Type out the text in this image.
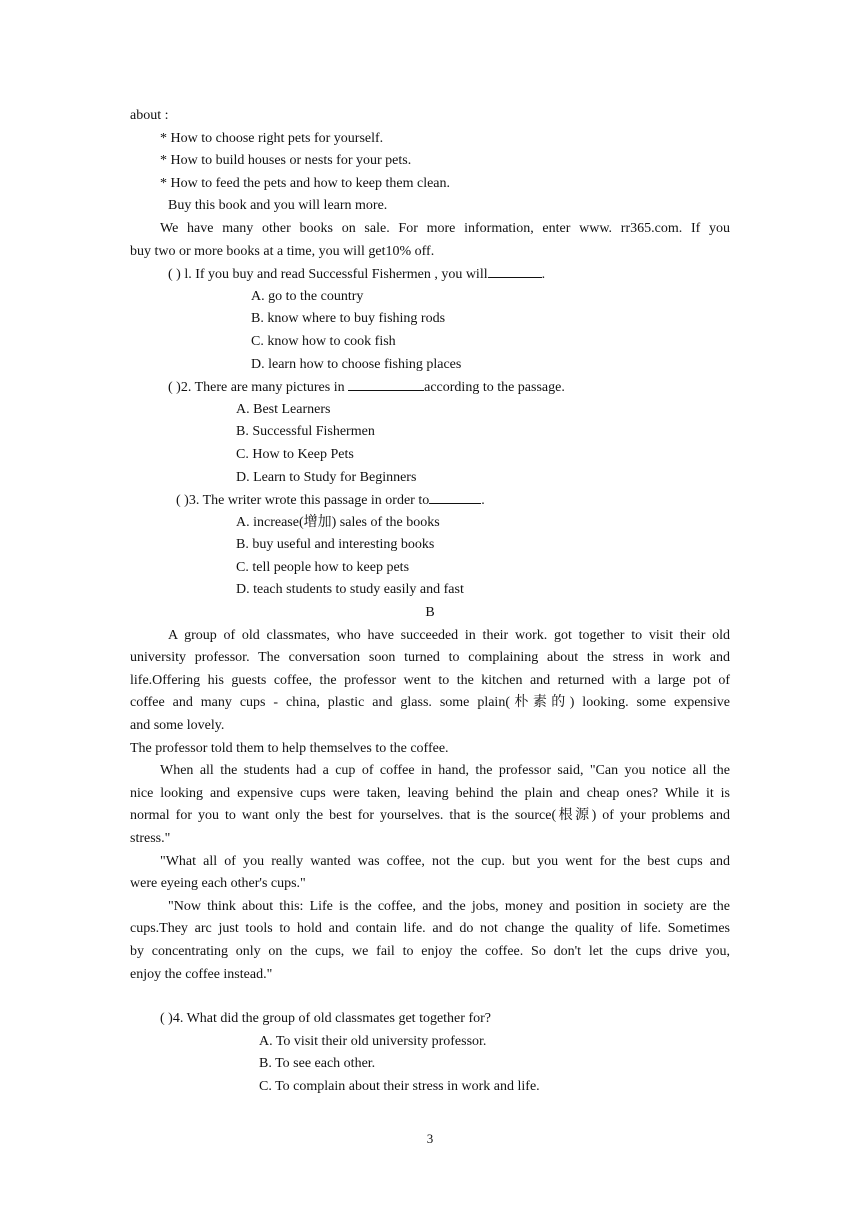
about :
* How to choose right pets for yourself.
* How to build houses or nests for your pets.
* How to feed the pets and how to keep them clean.
Buy this book and you will learn more.
We have many other books on sale. For more information, enter www. rr365.com. If you
buy two or more books at a time, you will get10% off.
( ) l. If you buy and read Successful Fishermen , you will	.
A. go to the country
B. know where to buy fishing rods
C. know how to cook fish
D. learn how to choose fishing places
( )2. There are many pictures in	according to the passage.
A. Best Learners
B. Successful Fishermen
C. How to Keep Pets
D. Learn to Study for Beginners
( )3. The writer wrote this passage in order to	.
A. increase(增加) sales of the books
B. buy useful and interesting books
C. tell people how to keep pets
D. teach students to study easily and fast
B
A group of old classmates, who have succeeded in their work. got together to visit their old
university professor. The conversation soon turned to complaining about the stress in work and
life.Offering his guests coffee, the professor went to the kitchen and returned with a large pot of
coffee and many cups - china, plastic and glass. some plain(朴素的) looking. some expensive
and some lovely.
The professor told them to help themselves to the coffee.
When all the students had a cup of coffee in hand, the professor said, "Can you notice all the
nice looking and expensive cups were taken, leaving behind the plain and cheap ones? While it is
normal for you to want only the best for yourselves. that is the source(根源) of your problems and
stress."
"What all of you really wanted was coffee, not the cup. but you went for the best cups and
were eyeing each other's cups."
"Now think about this: Life is the coffee, and the jobs, money and position in society are the
cups.They arc just tools to hold and contain life. and do not change the quality of life. Sometimes
by concentrating only on the cups, we fail to enjoy the coffee. So don't let the cups drive you,
enjoy the coffee instead."
( )4. What did the group of old classmates get together for?
A. To visit their old university professor.
B. To see each other.
C. To complain about their stress in work and life.
3
